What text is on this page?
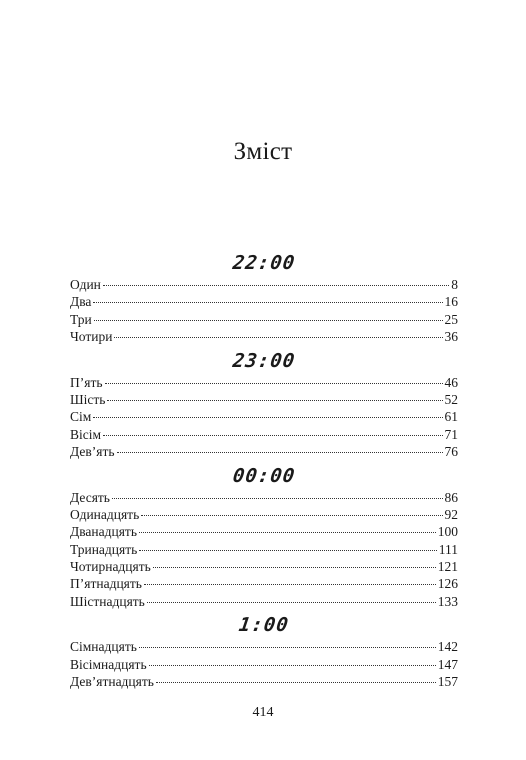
Зміст
22:00
Один	8
Два	16
Три	25
Чотири	36
23:00
П’ять	46
Шість	52
Сім	61
Вісім	71
Дев’ять	76
00:00
Десять	86
Одинадцять	92
Дванадцять	100
Тринадцять	111
Чотирнадцять	121
П’ятнадцять	126
Шістнадцять	133
1:00
Сімнадцять	142
Вісімнадцять	147
Дев’ятнадцять	157
414
